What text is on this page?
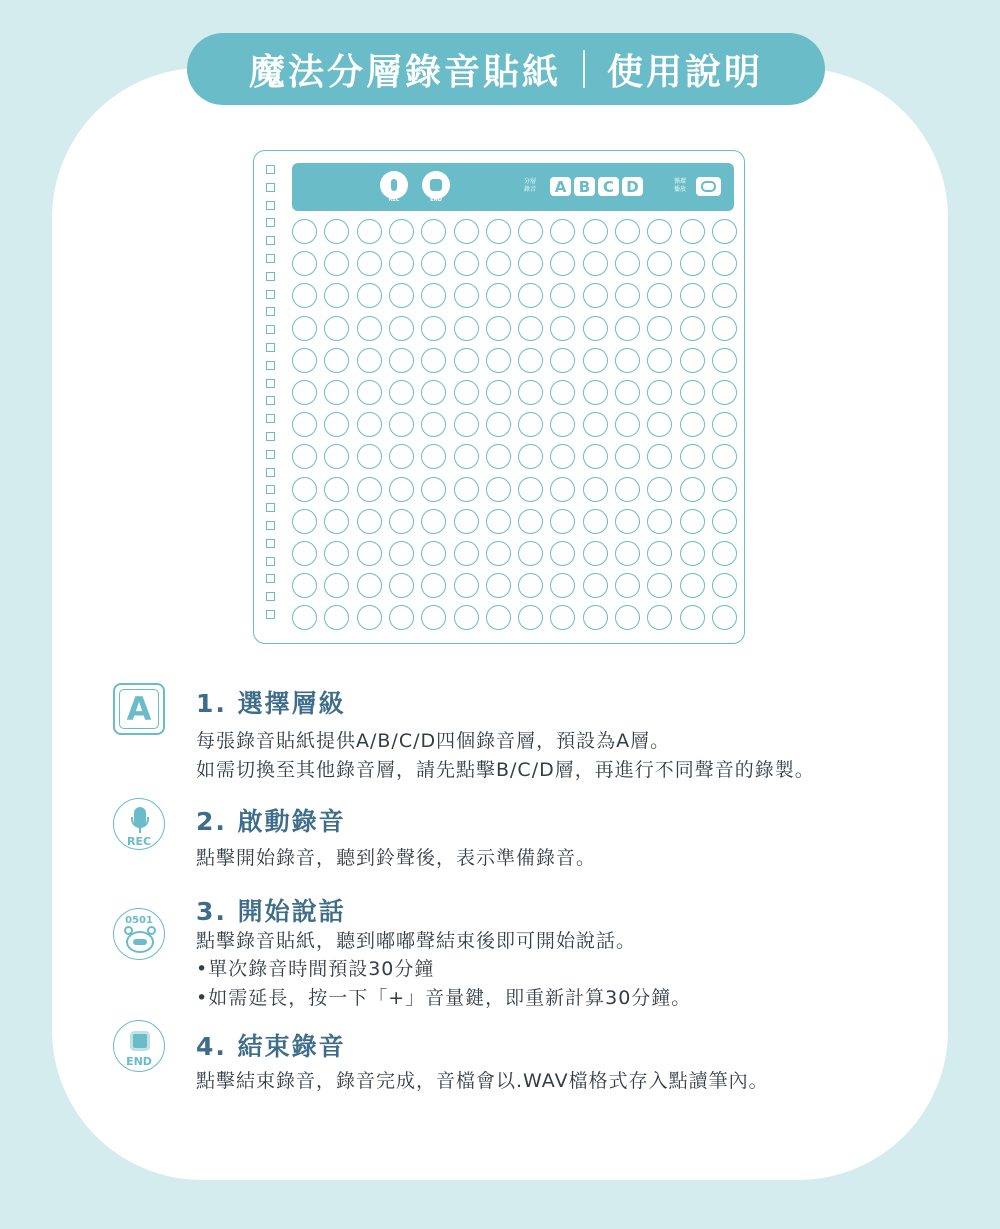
魔法分層錄音貼紙 使用說明
REC	END
分層
錄音	A B C D	循環
播放
A	1. 選擇層級
每張錄音貼紙提供A/B/C/D四個錄音層，預設為A層。
如需切換至其他錄音層，請先點擊B/C/D層，再進行不同聲音的錄製。
REC
2. 啟動錄音
點擊開始錄音，聽到鈴聲後，表示準備錄音。
0501	3. 開始說話
點擊錄音貼紙，聽到嘟嘟聲結束後即可開始說話。
•單次錄音時間預設30分鐘
•如需延長，按一下「+」音量鍵，即重新計算30分鐘。
END
4. 結束錄音
點擊結束錄音，錄音完成，音檔會以.WAV檔格式存入點讀筆內。
